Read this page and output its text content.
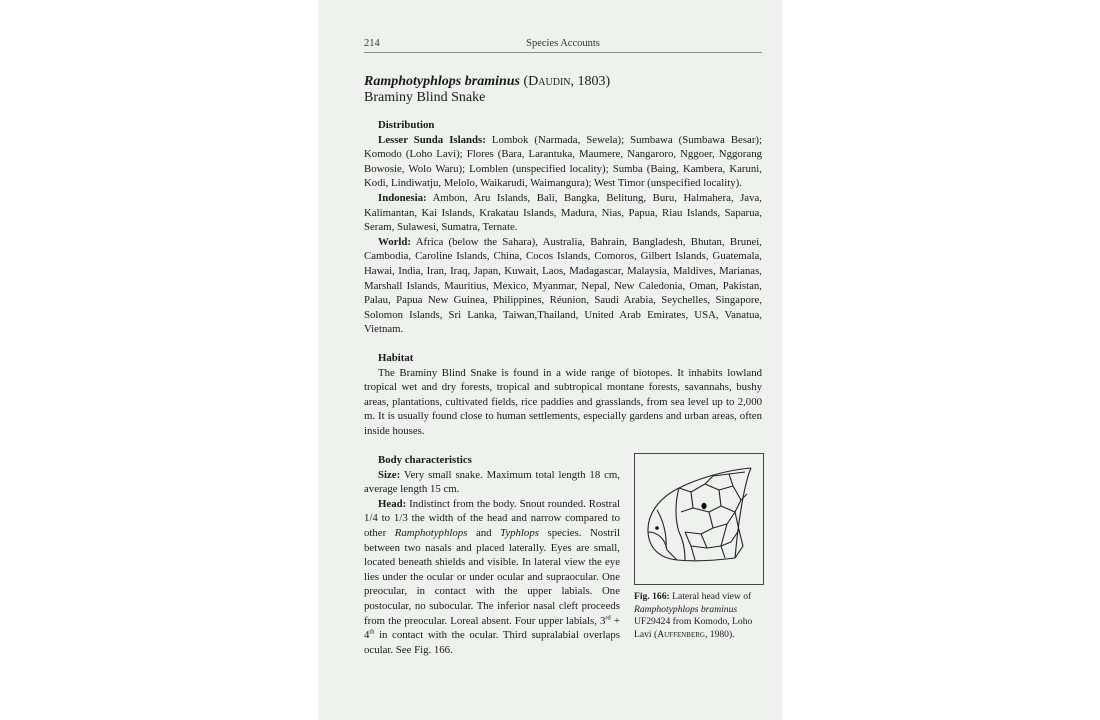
214	Species Accounts
Ramphotyphlops braminus (Daudin, 1803)
Braminy Blind Snake
Distribution

Lesser Sunda Islands: Lombok (Narmada, Sewela); Sumbawa (Sumbawa Besar); Komodo (Loho Lavi); Flores (Bara, Larantuka, Maumere, Nangaroro, Nggoer, Nggorang Bowosie, Wolo Waru); Lomblen (unspecified locality); Sumba (Baing, Kambera, Karuni, Kodi, Lindiwatju, Melolo, Waikarudi, Waimangura); West Timor (unspecified locality).

Indonesia: Ambon, Aru Islands, Bali, Bangka, Belitung, Buru, Halmahera, Java, Kalimantan, Kai Islands, Krakatau Islands, Madura, Nias, Papua, Riau Islands, Saparua, Seram, Sulawesi, Sumatra, Ternate.

World: Africa (below the Sahara), Australia, Bahrain, Bangladesh, Bhutan, Brunei, Cambodia, Caroline Islands, China, Cocos Islands, Comoros, Gilbert Islands, Guatemala, Hawai, India, Iran, Iraq, Japan, Kuwait, Laos, Madagascar, Malaysia, Maldives, Marianas, Marshall Islands, Mauritius, Mexico, Myanmar, Nepal, New Caledonia, Oman, Pakistan, Palau, Papua New Guinea, Philippines, Réunion, Saudi Arabia, Seychelles, Singapore, Solomon Islands, Sri Lanka, Taiwan,Thailand, United Arab Emirates, USA, Vanatua, Vietnam.

Habitat

The Braminy Blind Snake is found in a wide range of biotopes. It inhabits lowland tropical wet and dry forests, tropical and subtropical montane forests, savannahs, bushy areas, plantations, cultivated fields, rice paddies and grasslands, from sea level up to 2,000 m. It is usually found close to human settlements, especially gardens and urban areas, often inside houses.

Body characteristics

Size: Very small snake. Maximum total length 18 cm, average length 15 cm.

Head: Indistinct from the body. Snout rounded. Rostral 1/4 to 1/3 the width of the head and narrow compared to other Ramphotyphlops and Typhlops species. Nostril between two nasals and placed laterally. Eyes are small, located beneath shields and visible. In lateral view the eye lies under the ocular or under ocular and supraocular. One preocular, in contact with the upper labials. One postocular, no subocular. The inferior nasal cleft proceeds from the preocular. Loreal absent. Four upper labials, 3rd + 4th in contact with the ocular. Third supralabial overlaps ocular. See Fig. 166.

Fig. 166: Lateral head view of Ramphotyphlops braminus UF29424 from Komodo, Loho Lavi (Auffenberg, 1980).
